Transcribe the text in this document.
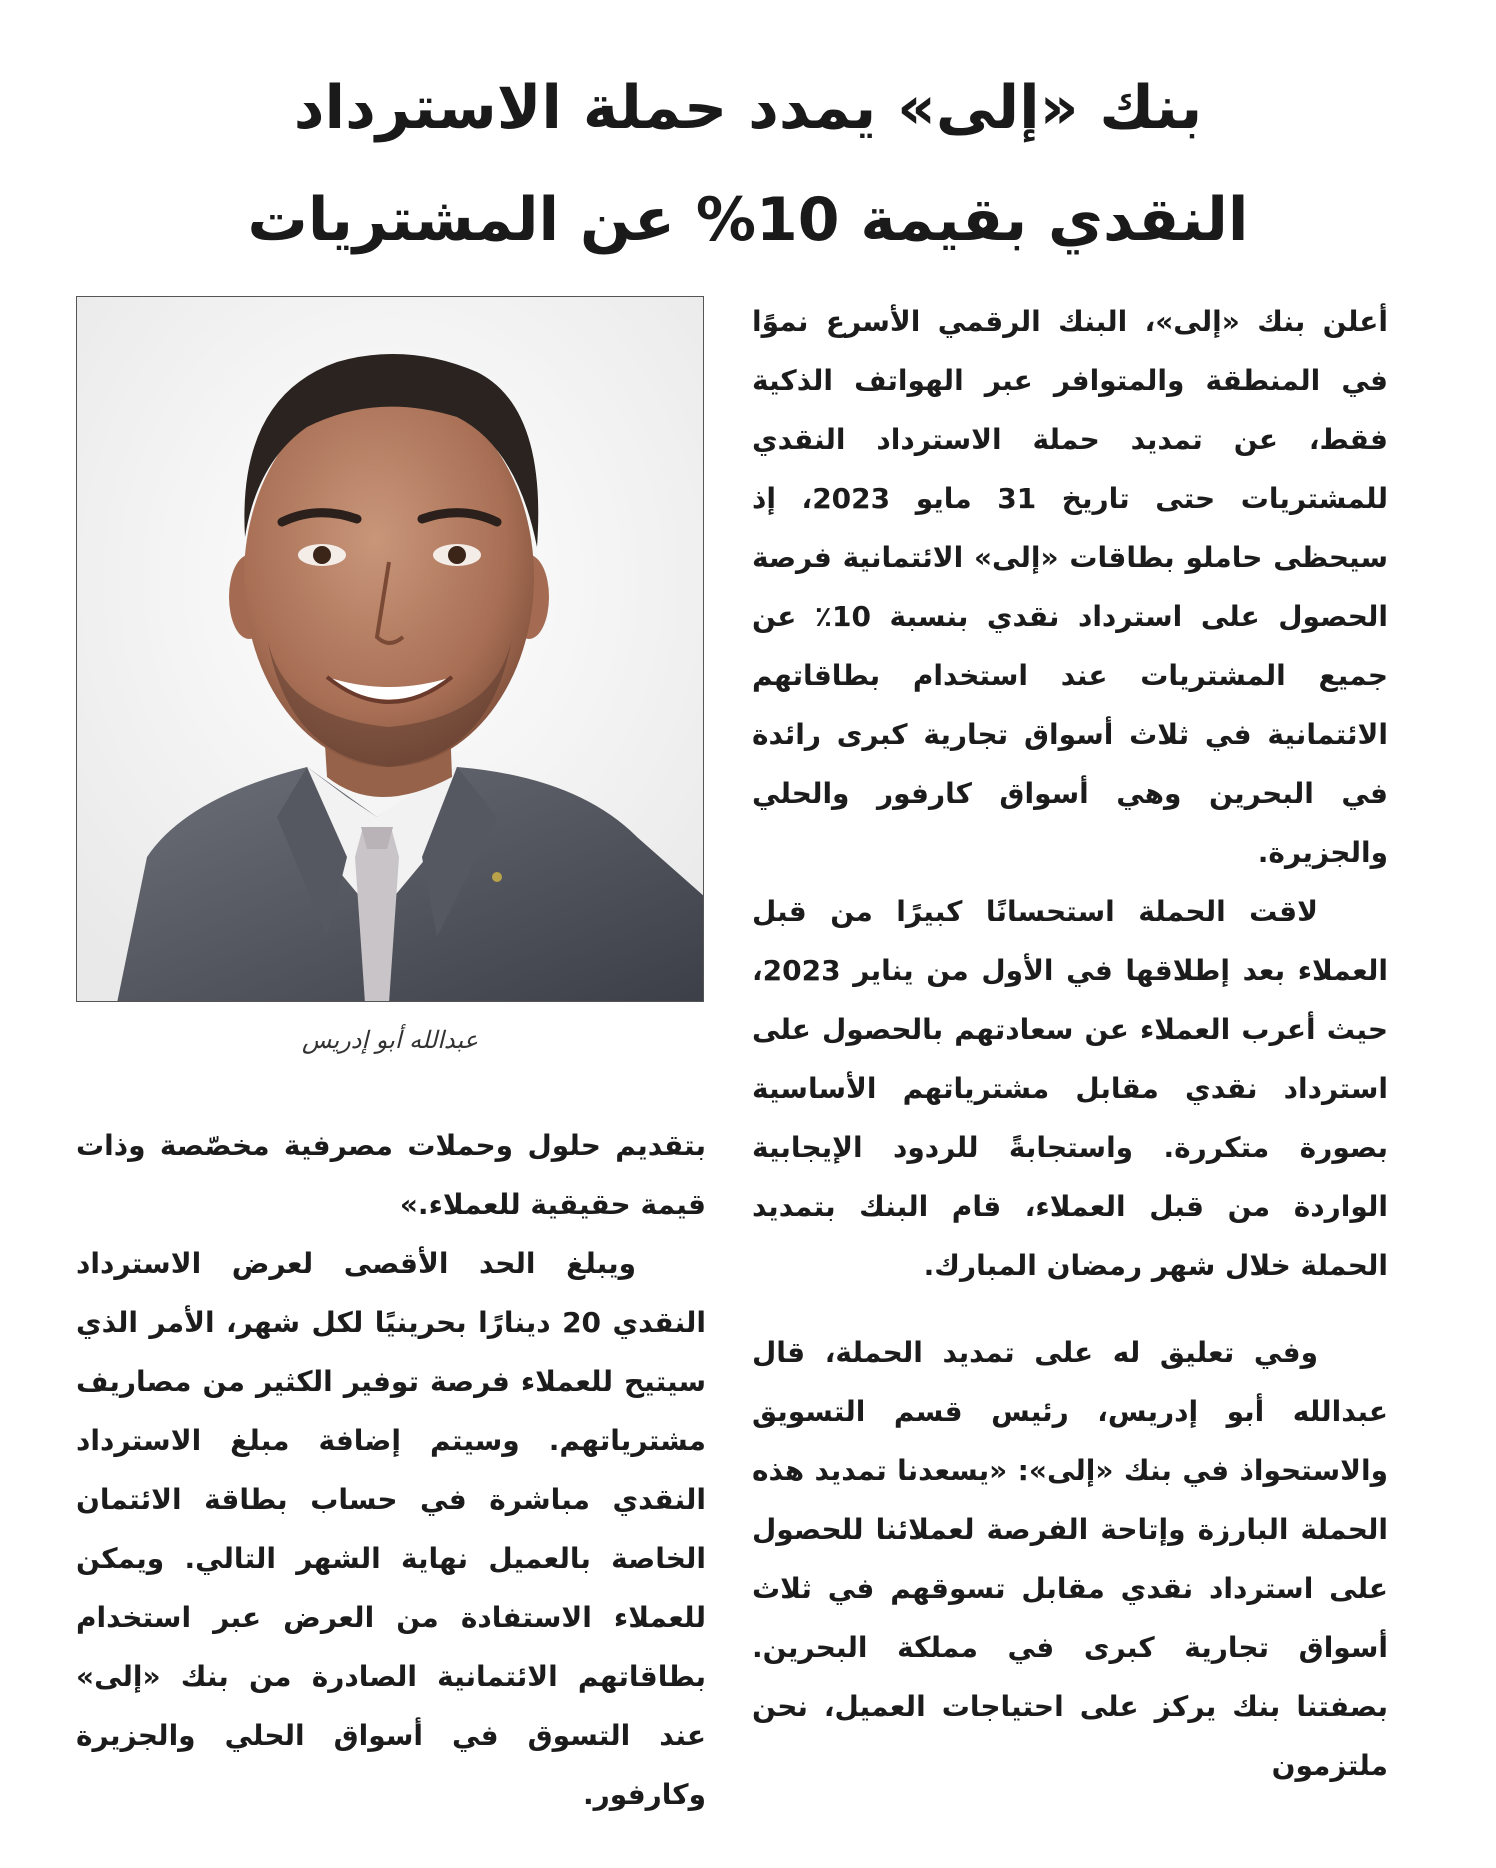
بنك «إلى» يمدد حملة الاسترداد
النقدي بقيمة 10% عن المشتريات

أعلن بنك «إلى»، البنك الرقمي الأسرع نموًا في المنطقة والمتوافر عبر الهواتف الذكية فقط، عن تمديد حملة الاسترداد النقدي للمشتريات حتى تاريخ 31 مايو 2023، إذ سيحظى حاملو بطاقات «إلى» الائتمانية فرصة الحصول على استرداد نقدي بنسبة 10٪ عن جميع المشتريات عند استخدام بطاقاتهم الائتمانية في ثلاث أسواق تجارية كبرى رائدة في البحرين وهي أسواق كارفور والحلي والجزيرة.

لاقت الحملة استحسانًا كبيرًا من قبل العملاء بعد إطلاقها في الأول من يناير 2023، حيث أعرب العملاء عن سعادتهم بالحصول على استرداد نقدي مقابل مشترياتهم الأساسية بصورة متكررة. واستجابةً للردود الإيجابية الواردة من قبل العملاء، قام البنك بتمديد الحملة خلال شهر رمضان المبارك.

وفي تعليق له على تمديد الحملة، قال عبدالله أبو إدريس، رئيس قسم التسويق والاستحواذ في بنك «إلى»: «يسعدنا تمديد هذه الحملة البارزة وإتاحة الفرصة لعملائنا للحصول على استرداد نقدي مقابل تسوقهم في ثلاث أسواق تجارية كبرى في مملكة البحرين. بصفتنا بنك يركز على احتياجات العميل، نحن ملتزمون

عبدالله أبو إدريس

بتقديم حلول وحملات مصرفية مخصّصة وذات قيمة حقيقية للعملاء.»

ويبلغ الحد الأقصى لعرض الاسترداد النقدي 20 دينارًا بحرينيًا لكل شهر، الأمر الذي سيتيح للعملاء فرصة توفير الكثير من مصاريف مشترياتهم. وسيتم إضافة مبلغ الاسترداد النقدي مباشرة في حساب بطاقة الائتمان الخاصة بالعميل نهاية الشهر التالي. ويمكن للعملاء الاستفادة من العرض عبر استخدام بطاقاتهم الائتمانية الصادرة من بنك «إلى» عند التسوق في أسواق الحلي والجزيرة وكارفور.
